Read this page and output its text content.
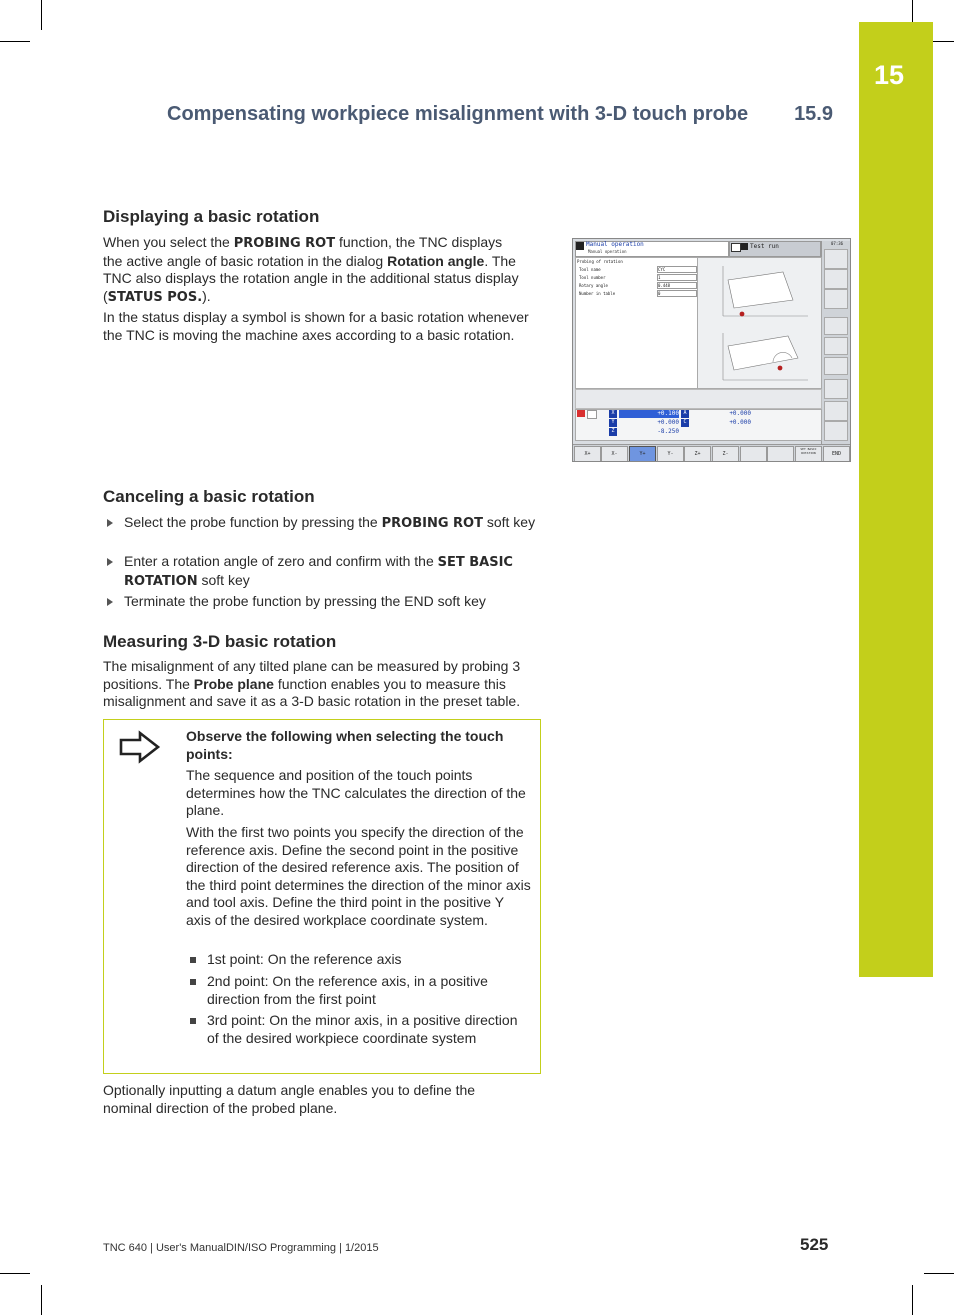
15
Compensating workpiece misalignment with 3-D touch probe 15.9
Displaying a basic rotation

When you select the PROBING ROT function, the TNC displays
the active angle of basic rotation in the dialog Rotation angle. The
TNC also displays the rotation angle in the additional status display
(STATUS POS.).

In the status display a symbol is shown for a basic rotation whenever the TNC is moving the machine axes according to a basic rotation.

Manual operation
Manual operation
Test run	07:36
Probing of rotation
Tool name	CYC
Tool number	1
Rotary angle	0.448
Number in table	0
X	+0.100 A	+0.000
Y	+0.000 C	+0.000
Z	-8.250
X+	X-	Y+	Y-	Z+	Z-
SET BASIC ROTATION	END
Canceling a basic rotation
Select the probe function by pressing the PROBING ROT soft key
Enter a rotation angle of zero and confirm with the SET BASIC ROTATION soft key
Terminate the probe function by pressing the END soft key
Measuring 3-D basic rotation

The misalignment of any tilted plane can be measured by probing 3 positions. The Probe plane function enables you to measure this misalignment and save it as a 3-D basic rotation in the preset table.

Observe the following when selecting the touch points:

The sequence and position of the touch points determines how the TNC calculates the direction of the plane.

With the first two points you specify the direction of the reference axis. Define the second point in the positive direction of the desired reference axis. The position of the third point determines the direction of the minor axis and tool axis. Define the third point in the positive Y axis of the desired workplace coordinate system.

1st point: On the reference axis
2nd point: On the reference axis, in a positive direction from the first point
3rd point: On the minor axis, in a positive direction of the desired workpiece coordinate system

Optionally inputting a datum angle enables you to define the nominal direction of the probed plane.

TNC 640 | User's ManualDIN/ISO Programming | 1/2015	525
